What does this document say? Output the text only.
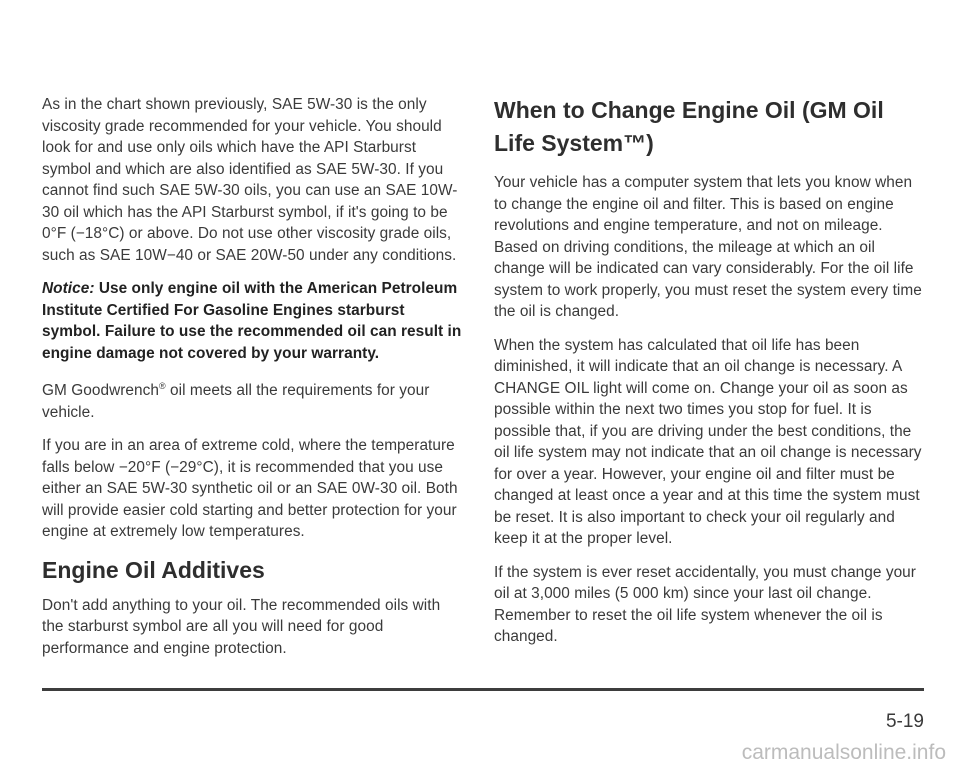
As in the chart shown previously, SAE 5W-30 is the only viscosity grade recommended for your vehicle. You should look for and use only oils which have the API Starburst symbol and which are also identified as SAE 5W-30. If you cannot find such SAE 5W-30 oils, you can use an SAE 10W-30 oil which has the API Starburst symbol, if it's going to be 0°F (−18°C) or above. Do not use other viscosity grade oils, such as SAE 10W−40 or SAE 20W-50 under any conditions.

Notice: Use only engine oil with the American Petroleum Institute Certified For Gasoline Engines starburst symbol. Failure to use the recommended oil can result in engine damage not covered by your warranty.

GM Goodwrench® oil meets all the requirements for your vehicle.

If you are in an area of extreme cold, where the temperature falls below −20°F (−29°C), it is recommended that you use either an SAE 5W-30 synthetic oil or an SAE 0W-30 oil. Both will provide easier cold starting and better protection for your engine at extremely low temperatures.

Engine Oil Additives

Don't add anything to your oil. The recommended oils with the starburst symbol are all you will need for good performance and engine protection.

When to Change Engine Oil (GM Oil Life System™)

Your vehicle has a computer system that lets you know when to change the engine oil and filter. This is based on engine revolutions and engine temperature, and not on mileage. Based on driving conditions, the mileage at which an oil change will be indicated can vary considerably. For the oil life system to work properly, you must reset the system every time the oil is changed.

When the system has calculated that oil life has been diminished, it will indicate that an oil change is necessary. A CHANGE OIL light will come on. Change your oil as soon as possible within the next two times you stop for fuel. It is possible that, if you are driving under the best conditions, the oil life system may not indicate that an oil change is necessary for over a year. However, your engine oil and filter must be changed at least once a year and at this time the system must be reset. It is also important to check your oil regularly and keep it at the proper level.

If the system is ever reset accidentally, you must change your oil at 3,000 miles (5 000 km) since your last oil change. Remember to reset the oil life system whenever the oil is changed.

5-19
carmanualsonline.info
